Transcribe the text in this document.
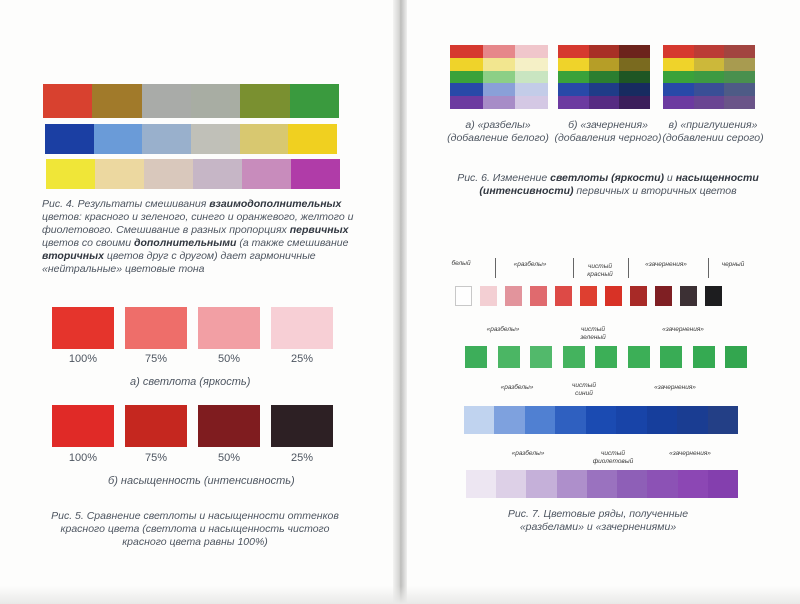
Рис. 4. Результаты смешивания взаимодополнительных цветов: красного и зеленого, синего и оранжевого, желтого и фиолетового. Смешивание в разных пропорциях первичных цветов со своими дополнительными (а также смешивание вторичных цветов друг с другом) дает гармоничные «нейтральные» цветовые тона
100%	75%	50%	25%
а) светлота (яркость)
100%	75%	50%	25%
б) насыщенность (интенсивность)
Рис. 5. Сравнение светлоты и насыщенности оттенков красного цвета (светлота и насыщенность чистого красного цвета равны 100%)
а) «разбелы» (добавление белого)
б) «зачернения» (добавления черного)
в) «приглушения» (добавлении серого)
Рис. 6. Изменение светлоты (яркости) и насыщенности (интенсивности) первичных и вторичных цветов
белый	«разбелы»	чистый красный
«зачернения»	черный
«разбелы»	чистый зеленый
«зачернения»
«разбелы»	чистый синий
«зачернения»
«разбелы»	чистый фиолетовый
«зачернения»
Рис. 7. Цветовые ряды, полученные «разбелами» и «зачернениями»
